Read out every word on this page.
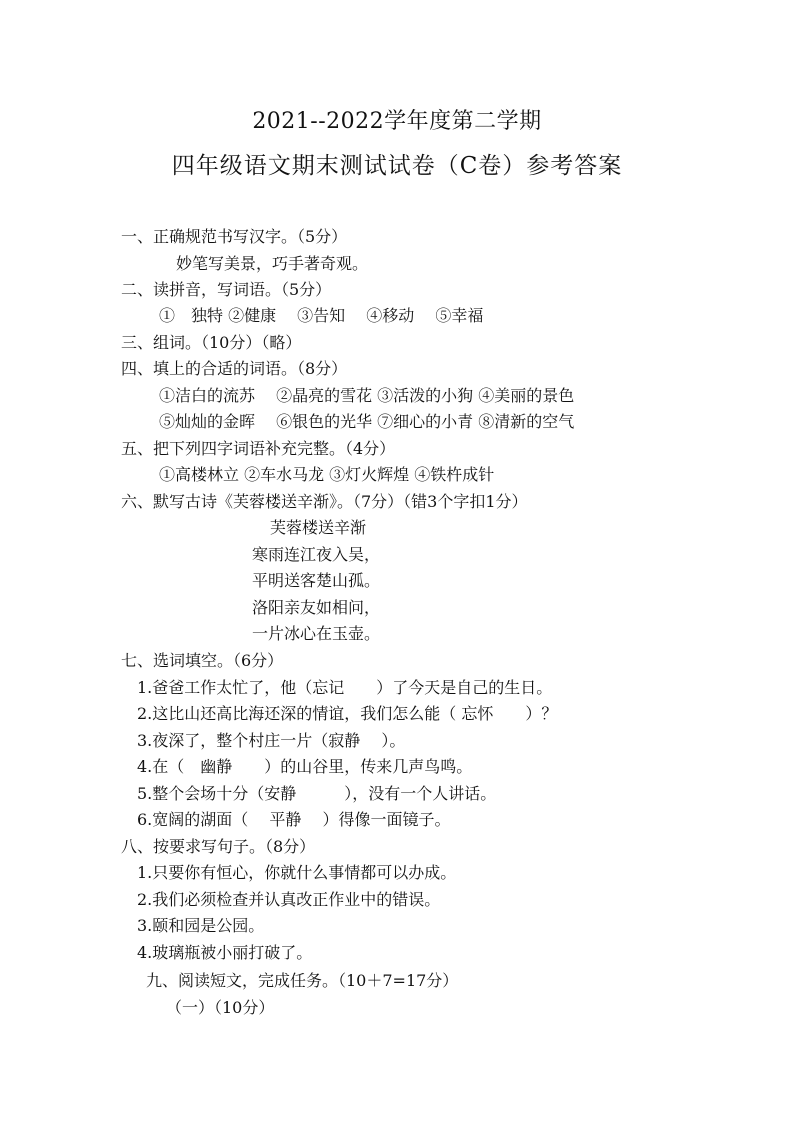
2021--2022学年度第二学期
四年级语文期末测试试卷（C卷）参考答案
一、正确规范书写汉字。（5分）
妙笔写美景，巧手著奇观。
二、读拼音，写词语。（5分）
①　独特 ②健康　 ③告知　 ④移动　 ⑤幸福
三、组词。（10分）（略）
四、填上的合适的词语。（8分）
①洁白的流苏　 ②晶亮的雪花 ③活泼的小狗 ④美丽的景色
⑤灿灿的金晖　 ⑥银色的光华 ⑦细心的小青 ⑧清新的空气
五、把下列四字词语补充完整。（4分）
①高楼林立 ②车水马龙 ③灯火辉煌 ④铁杵成针
六、默写古诗《芙蓉楼送辛渐》。（7分）（错3个字扣1分）
芙蓉楼送辛渐
寒雨连江夜入吴，
平明送客楚山孤。
洛阳亲友如相问，
一片冰心在玉壶。
七、选词填空。（6分）
1.爸爸工作太忙了，他（忘记　　）了今天是自己的生日。
2.这比山还高比海还深的情谊，我们怎么能（ 忘怀　　）？
3.夜深了，整个村庄一片（寂静　 ）。
4.在（　幽静　　）的山谷里，传来几声鸟鸣。
5.整个会场十分（安静　　　），没有一个人讲话。
6.宽阔的湖面（　 平静　 ）得像一面镜子。
八、按要求写句子。（8分）
1.只要你有恒心，你就什么事情都可以办成。
2.我们必须检查并认真改正作业中的错误。
3.颐和园是公园。
4.玻璃瓶被小丽打破了。
九、阅读短文，完成任务。（10＋7=17分）
（一）（10分）
